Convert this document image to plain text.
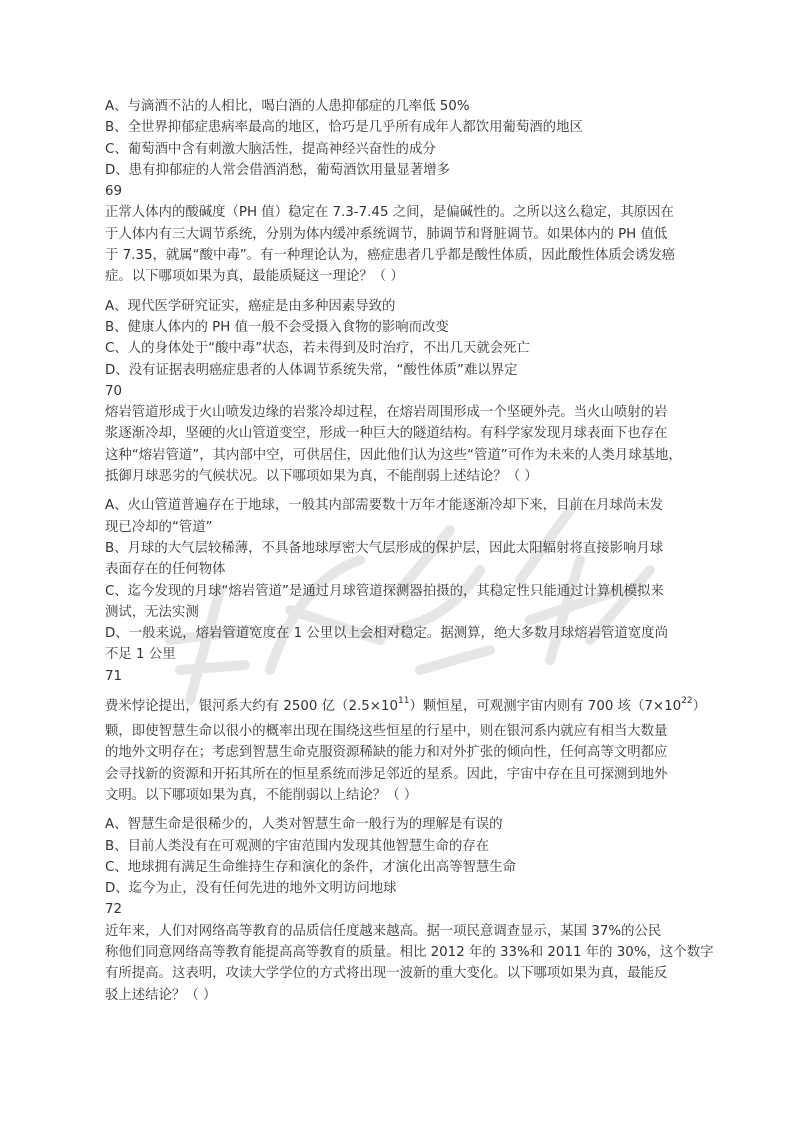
A、与滴酒不沾的人相比，喝白酒的人患抑郁症的几率低 50%
B、全世界抑郁症患病率最高的地区，恰巧是几乎所有成年人都饮用葡萄酒的地区
C、葡萄酒中含有刺激大脑活性，提高神经兴奋性的成分
D、患有抑郁症的人常会借酒消愁，葡萄酒饮用量显著增多
69
正常人体内的酸碱度（PH 值）稳定在 7.3-7.45 之间，是偏碱性的。之所以这么稳定，其原因在
于人体内有三大调节系统，分别为体内缓冲系统调节，肺调节和肾脏调节。如果体内的 PH 值低
于 7.35，就属“酸中毒”。有一种理论认为，癌症患者几乎都是酸性体质，因此酸性体质会诱发癌
症。以下哪项如果为真，最能质疑这一理论？（ ）
A、现代医学研究证实，癌症是由多种因素导致的
B、健康人体内的 PH 值一般不会受摄入食物的影响而改变
C、人的身体处于“酸中毒”状态，若未得到及时治疗，不出几天就会死亡
D、没有证据表明癌症患者的人体调节系统失常，“酸性体质”难以界定
70
熔岩管道形成于火山喷发边缘的岩浆冷却过程，在熔岩周围形成一个坚硬外壳。当火山喷射的岩
浆逐渐冷却，坚硬的火山管道变空，形成一种巨大的隧道结构。有科学家发现月球表面下也存在
这种“熔岩管道”，其内部中空，可供居住，因此他们认为这些“管道”可作为未来的人类月球基地，
抵御月球恶劣的气候状况。以下哪项如果为真，不能削弱上述结论？（ ）
A、火山管道普遍存在于地球，一般其内部需要数十万年才能逐渐冷却下来，目前在月球尚未发
现已冷却的“管道”
B、月球的大气层较稀薄，不具备地球厚密大气层形成的保护层，因此太阳辐射将直接影响月球
表面存在的任何物体
C、迄今发现的月球“熔岩管道”是通过月球管道探测器拍摄的，其稳定性只能通过计算机模拟来
测试，无法实测
D、一般来说，熔岩管道宽度在 1 公里以上会相对稳定。据测算，绝大多数月球熔岩管道宽度尚
不足 1 公里
71
费米悖论提出，银河系大约有 2500 亿$(2.5\times 10^{11})$颗恒星，可观测宇宙内则有 700 垓$(7\times 10^{22})$
颗，即使智慧生命以很小的概率出现在围绕这些恒星的行星中，则在银河系内就应有相当大数量
的地外文明存在；考虑到智慧生命克服资源稀缺的能力和对外扩张的倾向性，任何高等文明都应
会寻找新的资源和开拓其所在的恒星系统而涉足邻近的星系。因此，宇宙中存在且可探测到地外
文明。以下哪项如果为真，不能削弱以上结论？（ ）
A、智慧生命是很稀少的，人类对智慧生命一般行为的理解是有误的
B、目前人类没有在可观测的宇宙范围内发现其他智慧生命的存在
C、地球拥有满足生命维持生存和演化的条件，才演化出高等智慧生命
D、迄今为止，没有任何先进的地外文明访问地球
72
近年来，人们对网络高等教育的品质信任度越来越高。据一项民意调查显示，某国 37%的公民
称他们同意网络高等教育能提高高等教育的质量。相比 2012 年的 33%和 2011 年的 30%，这个数字
有所提高。这表明，攻读大学学位的方式将出现一波新的重大变化。以下哪项如果为真，最能反
驳上述结论？（ ）
